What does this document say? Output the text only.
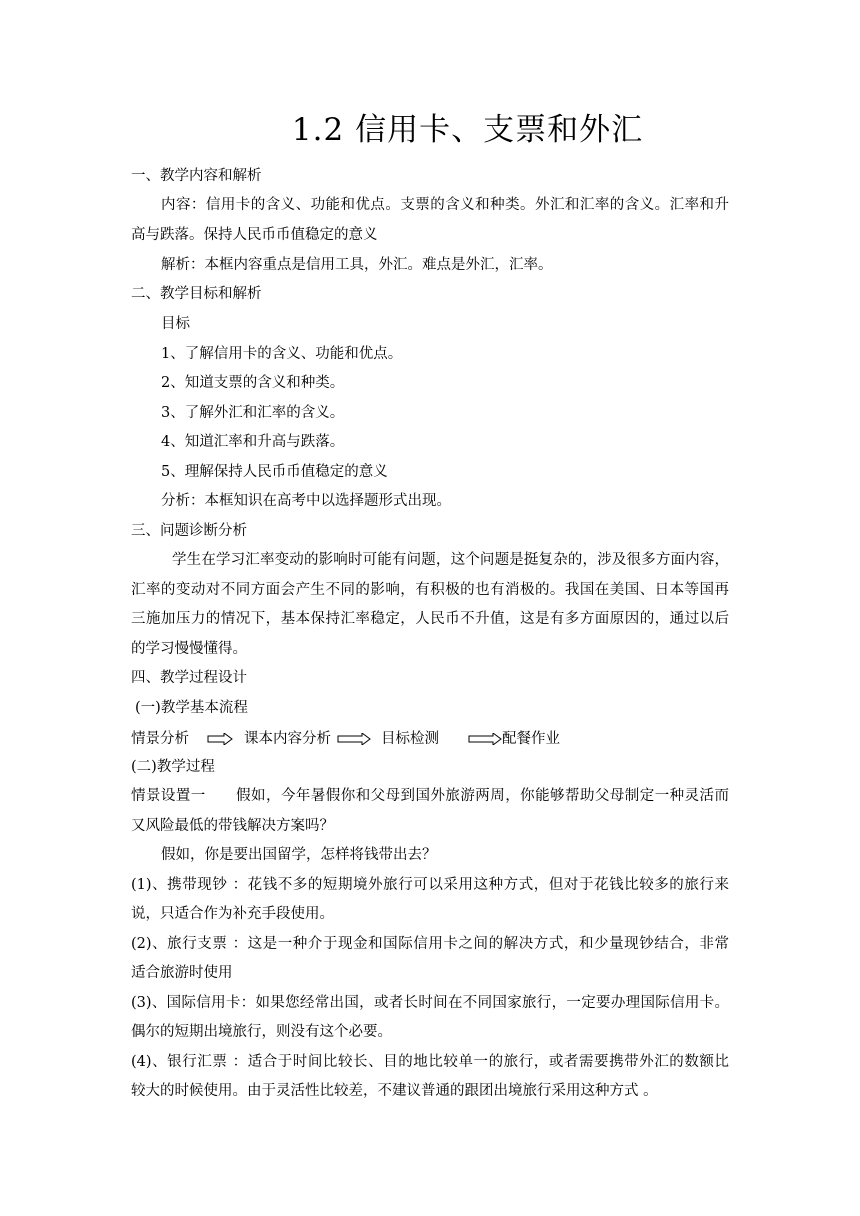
1.2 信用卡、支票和外汇
一、教学内容和解析
内容：信用卡的含义、功能和优点。支票的含义和种类。外汇和汇率的含义。汇率和升
高与跌落。保持人民币币值稳定的意义
解析：本框内容重点是信用工具，外汇。难点是外汇，汇率。
二、教学目标和解析
目标
1、了解信用卡的含义、功能和优点。
2、知道支票的含义和种类。
3、了解外汇和汇率的含义。
4、知道汇率和升高与跌落。
5、理解保持人民币币值稳定的意义
分析：本框知识在高考中以选择题形式出现。
三、问题诊断分析
学生在学习汇率变动的影响时可能有问题，这个问题是挺复杂的，涉及很多方面内容，
汇率的变动对不同方面会产生不同的影响，有积极的也有消极的。我国在美国、日本等国再
三施加压力的情况下，基本保持汇率稳定，人民币不升值，这是有多方面原因的，通过以后
的学习慢慢懂得。
四、教学过程设计
(一)教学基本流程
情景分析	课本内容分析	目标检测	配餐作业
(二)教学过程
情景设置一      假如，今年暑假你和父母到国外旅游两周，你能够帮助父母制定一种灵活而
又风险最低的带钱解决方案吗？
假如，你是要出国留学，怎样将钱带出去？
(1)、携带现钞 ：花钱不多的短期境外旅行可以采用这种方式，但对于花钱比较多的旅行来
说，只适合作为补充手段使用。
(2)、旅行支票 ：这是一种介于现金和国际信用卡之间的解决方式，和少量现钞结合，非常
适合旅游时使用
(3)、国际信用卡：如果您经常出国，或者长时间在不同国家旅行，一定要办理国际信用卡。
偶尔的短期出境旅行，则没有这个必要。
(4)、银行汇票 ：适合于时间比较长、目的地比较单一的旅行，或者需要携带外汇的数额比
较大的时候使用。由于灵活性比较差，不建议普通的跟团出境旅行采用这种方式 。
